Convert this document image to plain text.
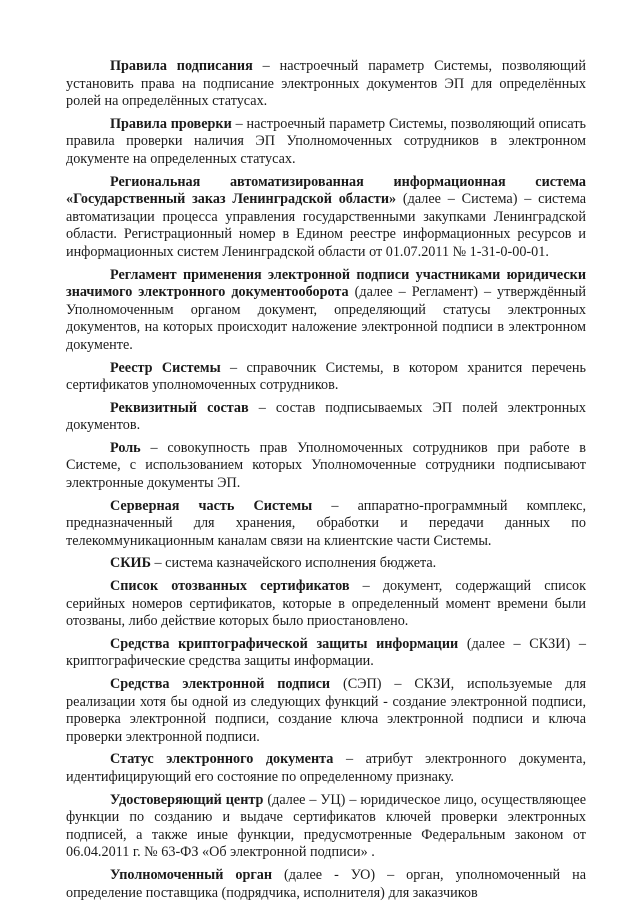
Правила подписания – настроечный параметр Системы, позволяющий установить права на подписание электронных документов ЭП для определённых ролей на определённых статусах.

Правила проверки – настроечный параметр Системы, позволяющий описать правила проверки наличия ЭП Уполномоченных сотрудников в электронном документе на определенных статусах.

Региональная автоматизированная информационная система «Государственный заказ Ленинградской области» (далее – Система) – система автоматизации процесса управления государственными закупками Ленинградской области. Регистрационный номер в Едином реестре информационных ресурсов и информационных систем Ленинградской области от 01.07.2011 № 1-31-0-00-01.

Регламент применения электронной подписи участниками юридически значимого электронного документооборота (далее – Регламент) – утверждённый Уполномоченным органом документ, определяющий статусы электронных документов, на которых происходит наложение электронной подписи в электронном документе.

Реестр Системы – справочник Системы, в котором хранится перечень сертификатов уполномоченных сотрудников.

Реквизитный состав – состав подписываемых ЭП полей электронных документов.

Роль – совокупность прав Уполномоченных сотрудников при работе в Системе, с использованием которых Уполномоченные сотрудники подписывают электронные документы ЭП.

Серверная часть Системы – аппаратно-программный комплекс, предназначенный для хранения, обработки и передачи данных по телекоммуникационным каналам связи на клиентские части Системы.

СКИБ – система казначейского исполнения бюджета.

Список отозванных сертификатов – документ, содержащий список серийных номеров сертификатов, которые в определенный момент времени были отозваны, либо действие которых было приостановлено.

Средства криптографической защиты информации (далее – СКЗИ) – криптографические средства защиты информации.

Средства электронной подписи (СЭП) – СКЗИ, используемые для реализации хотя бы одной из следующих функций - создание электронной подписи, проверка электронной подписи, создание ключа электронной подписи и ключа проверки электронной подписи.

Статус электронного документа – атрибут электронного документа, идентифицирующий его состояние по определенному признаку.

Удостоверяющий центр (далее – УЦ) – юридическое лицо, осуществляющее функции по созданию и выдаче сертификатов ключей проверки электронных подписей, а также иные функции, предусмотренные Федеральным законом от 06.04.2011 г. № 63-ФЗ «Об электронной подписи» .

Уполномоченный орган (далее - УО) – орган, уполномоченный на определение поставщика (подрядчика, исполнителя) для заказчиков
